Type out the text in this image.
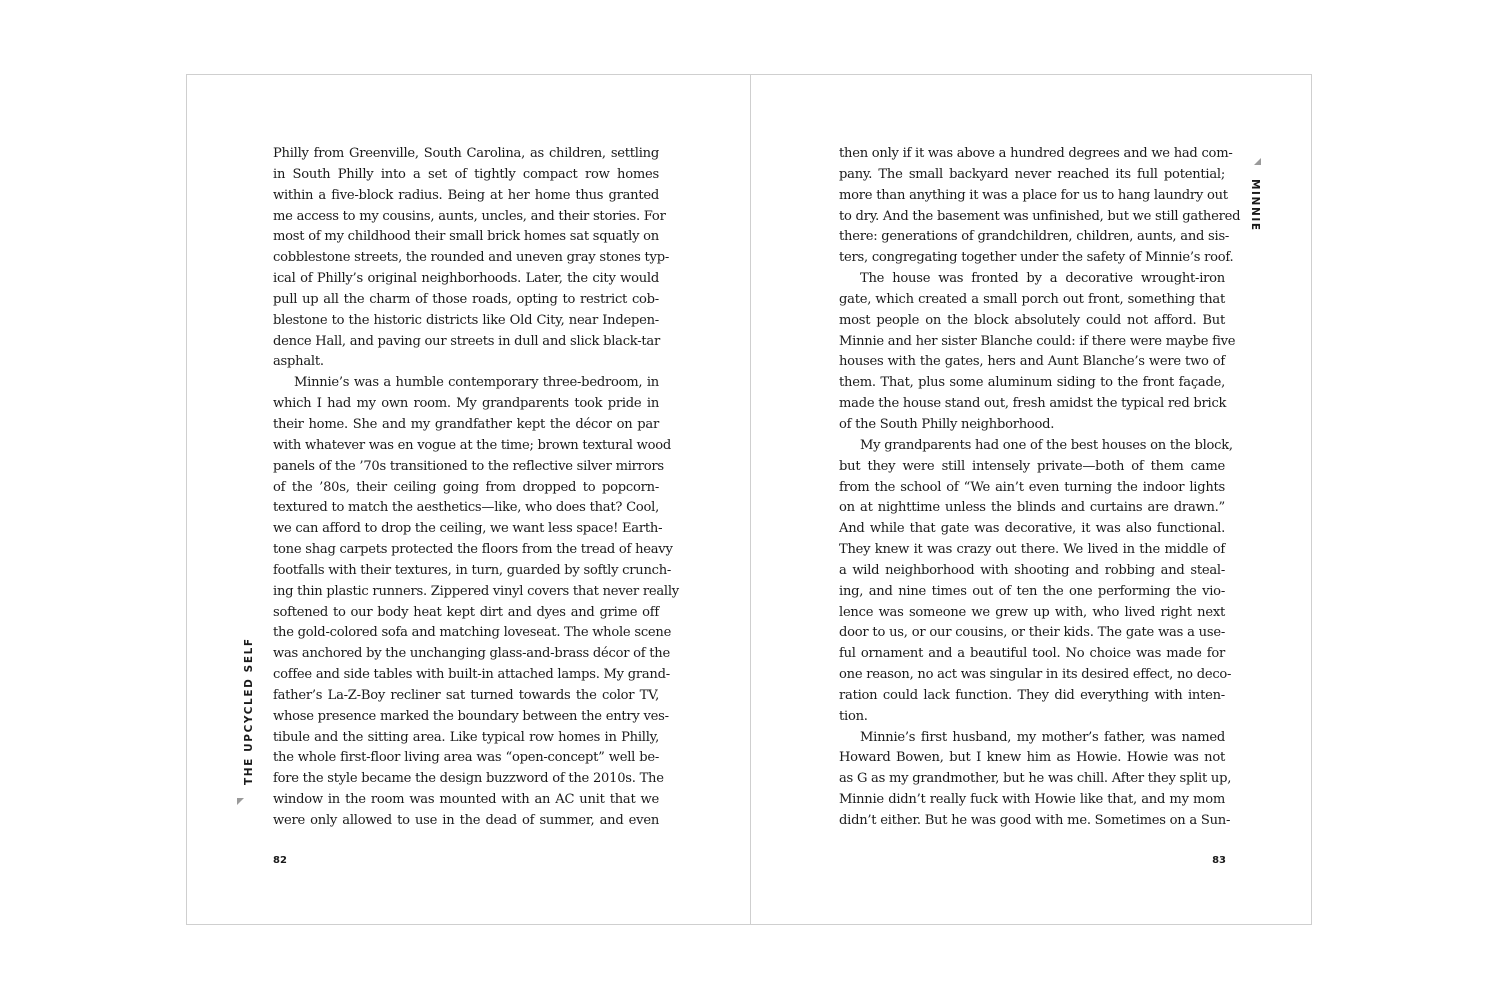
THE UPCYCLED SELF
Philly from Greenville, South Carolina, as children, settling
in South Philly into a set of tightly compact row homes
within a five-block radius. Being at her home thus granted
me access to my cousins, aunts, uncles, and their stories. For
most of my childhood their small brick homes sat squatly on
cobblestone streets, the rounded and uneven gray stones typ-
ical of Philly’s original neighborhoods. Later, the city would
pull up all the charm of those roads, opting to restrict cob-
blestone to the historic districts like Old City, near Indepen-
dence Hall, and paving our streets in dull and slick black-tar
asphalt.
Minnie’s was a humble contemporary three-bedroom, in
which I had my own room. My grandparents took pride in
their home. She and my grandfather kept the décor on par
with whatever was en vogue at the time; brown textural wood
panels of the ’70s transitioned to the reflective silver mirrors
of the ’80s, their ceiling going from dropped to popcorn-
textured to match the aesthetics—like, who does that? Cool,
we can afford to drop the ceiling, we want less space! Earth-
tone shag carpets protected the floors from the tread of heavy
footfalls with their textures, in turn, guarded by softly crunch-
ing thin plastic runners. Zippered vinyl covers that never really
softened to our body heat kept dirt and dyes and grime off
the gold-colored sofa and matching loveseat. The whole scene
was anchored by the unchanging glass-and-brass décor of the
coffee and side tables with built-in attached lamps. My grand-
father’s La-Z-Boy recliner sat turned towards the color TV,
whose presence marked the boundary between the entry ves-
tibule and the sitting area. Like typical row homes in Philly,
the whole first-floor living area was “open-concept” well be-
fore the style became the design buzzword of the 2010s. The
window in the room was mounted with an AC unit that we
were only allowed to use in the dead of summer, and even
82
MINNIE
then only if it was above a hundred degrees and we had com-
pany. The small backyard never reached its full potential;
more than anything it was a place for us to hang laundry out
to dry. And the basement was unfinished, but we still gathered
there: generations of grandchildren, children, aunts, and sis-
ters, congregating together under the safety of Minnie’s roof.
The house was fronted by a decorative wrought-iron
gate, which created a small porch out front, something that
most people on the block absolutely could not afford. But
Minnie and her sister Blanche could: if there were maybe five
houses with the gates, hers and Aunt Blanche’s were two of
them. That, plus some aluminum siding to the front façade,
made the house stand out, fresh amidst the typical red brick
of the South Philly neighborhood.
My grandparents had one of the best houses on the block,
but they were still intensely private—both of them came
from the school of “We ain’t even turning the indoor lights
on at nighttime unless the blinds and curtains are drawn.”
And while that gate was decorative, it was also functional.
They knew it was crazy out there. We lived in the middle of
a wild neighborhood with shooting and robbing and steal-
ing, and nine times out of ten the one performing the vio-
lence was someone we grew up with, who lived right next
door to us, or our cousins, or their kids. The gate was a use-
ful ornament and a beautiful tool. No choice was made for
one reason, no act was singular in its desired effect, no deco-
ration could lack function. They did everything with inten-
tion.
Minnie’s first husband, my mother’s father, was named
Howard Bowen, but I knew him as Howie. Howie was not
as G as my grandmother, but he was chill. After they split up,
Minnie didn’t really fuck with Howie like that, and my mom
didn’t either. But he was good with me. Sometimes on a Sun-
83
